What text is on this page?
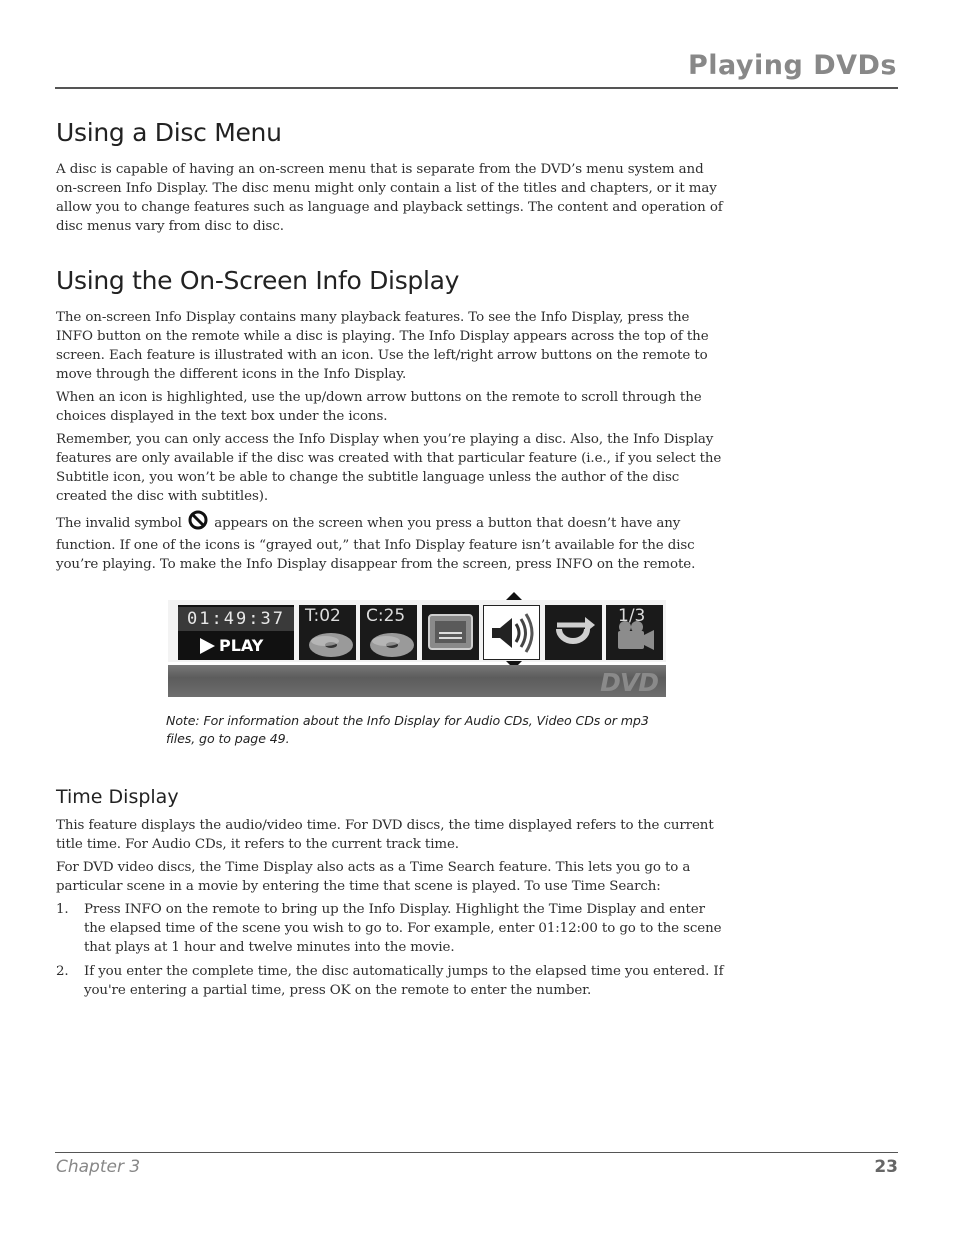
Playing DVDs
Using a Disc Menu

A disc is capable of having an on-screen menu that is separate from the DVD’s menu system and on-screen Info Display. The disc menu might only contain a list of the titles and chapters, or it may allow you to change features such as language and playback settings. The content and operation of disc menus vary from disc to disc.

Using the On-Screen Info Display

The on-screen Info Display contains many playback features. To see the Info Display, press the INFO button on the remote while a disc is playing. The Info Display appears across the top of the screen. Each feature is illustrated with an icon. Use the left/right arrow buttons on the remote to move through the different icons in the Info Display.

When an icon is highlighted, use the up/down arrow buttons on the remote to scroll through the choices displayed in the text box under the icons.

Remember, you can only access the Info Display when you’re playing a disc. Also, the Info Display features are only available if the disc was created with that particular feature (i.e., if you select the Subtitle icon, you won’t be able to change the subtitle language unless the author of the disc created the disc with subtitles).

The invalid symbol appears on the screen when you press a button that doesn’t have any function. If one of the icons is “grayed out,” that Info Display feature isn’t available for the disc you’re playing. To make the Info Display disappear from the screen, press INFO on the remote.

01:49:37
PLAY
T:02 C:25	1/3
DVD

Note: For information about the Info Display for Audio CDs, Video CDs or mp3 files, go to page 49.

Time Display

This feature displays the audio/video time. For DVD discs, the time displayed refers to the current title time. For Audio CDs, it refers to the current track time.

For DVD video discs, the Time Display also acts as a Time Search feature. This lets you go to a particular scene in a movie by entering the time that scene is played. To use Time Search:

1. Press INFO on the remote to bring up the Info Display. Highlight the Time Display and enter the elapsed time of the scene you wish to go to. For example, enter 01:12:00 to go to the scene that plays at 1 hour and twelve minutes into the movie.
2. If you enter the complete time, the disc automatically jumps to the elapsed time you entered. If you're entering a partial time, press OK on the remote to enter the number.
Chapter 3	23
